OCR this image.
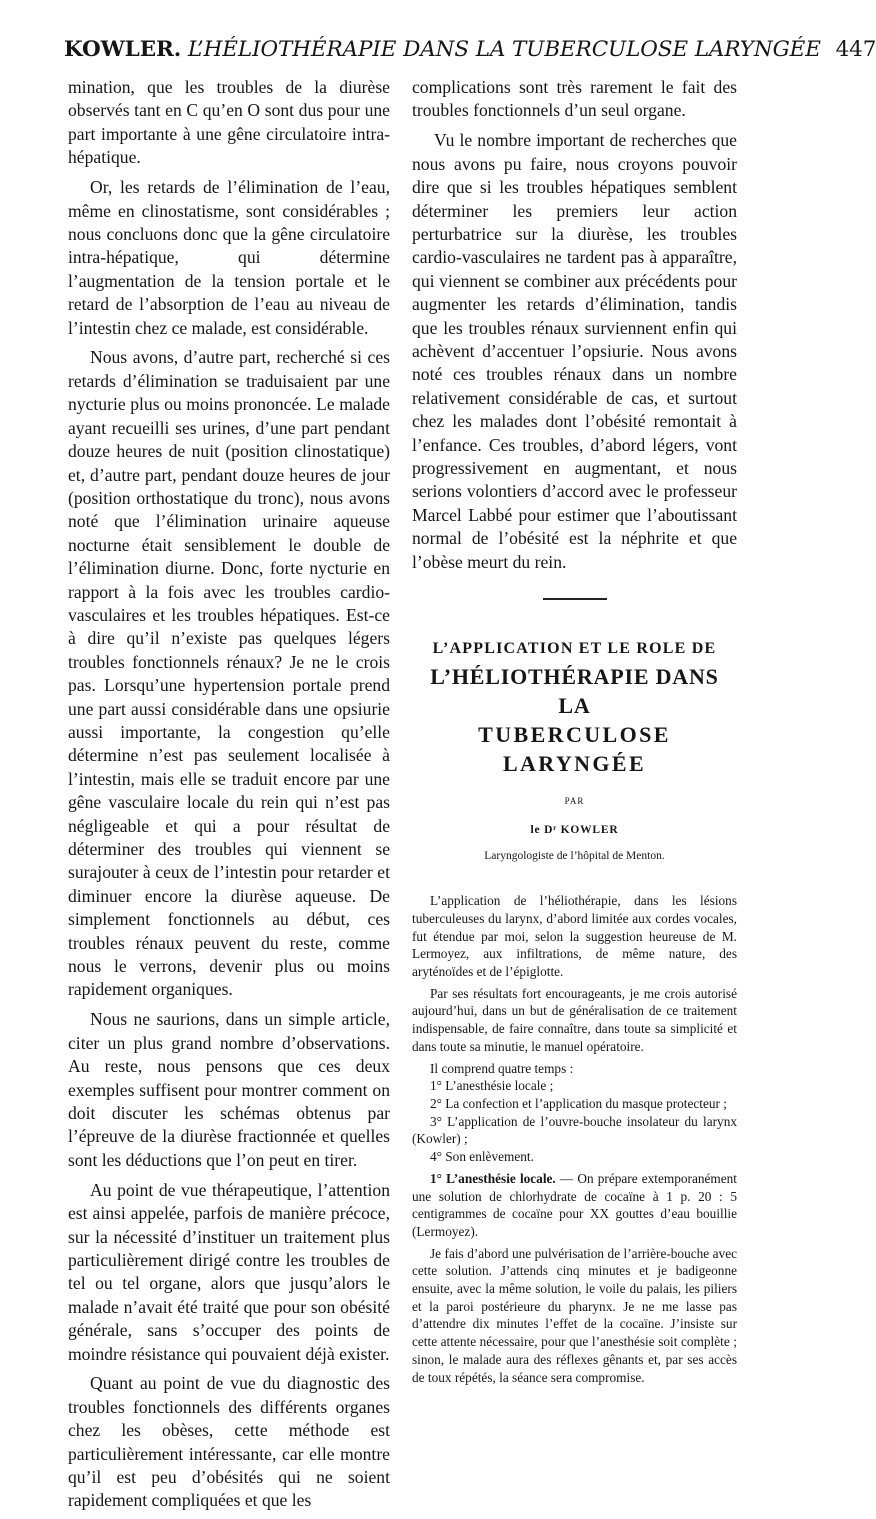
KOWLER. L’HÉLIOTHÉRAPIE DANS LA TUBERCULOSE LARYNGÉE 447

mination, que les troubles de la diurèse observés tant en C qu’en O sont dus pour une part importante à une gêne circulatoire intra-hépatique.

Or, les retards de l’élimination de l’eau, même en clinostatisme, sont considérables ; nous concluons donc que la gêne circulatoire intra-hépatique, qui détermine l’augmentation de la tension portale et le retard de l’absorption de l’eau au niveau de l’intestin chez ce malade, est considérable.

Nous avons, d’autre part, recherché si ces retards d’élimination se traduisaient par une nycturie plus ou moins prononcée. Le malade ayant recueilli ses urines, d’une part pendant douze heures de nuit (position clinostatique) et, d’autre part, pendant douze heures de jour (position orthostatique du tronc), nous avons noté que l’élimination urinaire aqueuse nocturne était sensiblement le double de l’élimination diurne. Donc, forte nycturie en rapport à la fois avec les troubles cardio-vasculaires et les troubles hépatiques. Est-ce à dire qu’il n’existe pas quelques légers troubles fonctionnels rénaux? Je ne le crois pas. Lorsqu’une hypertension portale prend une part aussi considérable dans une opsiurie aussi importante, la congestion qu’elle détermine n’est pas seulement localisée à l’intestin, mais elle se traduit encore par une gêne vasculaire locale du rein qui n’est pas négligeable et qui a pour résultat de déterminer des troubles qui viennent se surajouter à ceux de l’intestin pour retarder et diminuer encore la diurèse aqueuse. De simplement fonctionnels au début, ces troubles rénaux peuvent du reste, comme nous le verrons, devenir plus ou moins rapidement organiques.

Nous ne saurions, dans un simple article, citer un plus grand nombre d’observations. Au reste, nous pensons que ces deux exemples suffisent pour montrer comment on doit discuter les schémas obtenus par l’épreuve de la diurèse fractionnée et quelles sont les déductions que l’on peut en tirer.

Au point de vue thérapeutique, l’attention est ainsi appelée, parfois de manière précoce, sur la nécessité d’instituer un traitement plus particulièrement dirigé contre les troubles de tel ou tel organe, alors que jusqu’alors le malade n’avait été traité que pour son obésité générale, sans s’occuper des points de moindre résistance qui pouvaient déjà exister.

Quant au point de vue du diagnostic des troubles fonctionnels des différents organes chez les obèses, cette méthode est particulièrement intéressante, car elle montre qu’il est peu d’obésités qui ne soient rapidement compliquées et que les

complications sont très rarement le fait des troubles fonctionnels d’un seul organe.

Vu le nombre important de recherches que nous avons pu faire, nous croyons pouvoir dire que si les troubles hépatiques semblent déterminer les premiers leur action perturbatrice sur la diurèse, les troubles cardio-vasculaires ne tardent pas à apparaître, qui viennent se combiner aux précédents pour augmenter les retards d’élimination, tandis que les troubles rénaux surviennent enfin qui achèvent d’accentuer l’opsiurie. Nous avons noté ces troubles rénaux dans un nombre relativement considérable de cas, et surtout chez les malades dont l’obésité remontait à l’enfance. Ces troubles, d’abord légers, vont progressivement en augmentant, et nous serions volontiers d’accord avec le professeur Marcel Labbé pour estimer que l’aboutissant normal de l’obésité est la néphrite et que l’obèse meurt du rein.

L’APPLICATION ET LE ROLE DE
L’HÉLIOTHÉRAPIE DANS LA
TUBERCULOSE LARYNGÉE
PAR
le Dʳ KOWLER
Laryngologiste de l’hôpital de Menton.

L’application de l’héliothérapie, dans les lésions tuberculeuses du larynx, d’abord limitée aux cordes vocales, fut étendue par moi, selon la suggestion heureuse de M. Lermoyez, aux infiltrations, de même nature, des aryténoïdes et de l’épiglotte.

Par ses résultats fort encourageants, je me crois autorisé aujourd’hui, dans un but de généralisation de ce traitement indispensable, de faire connaître, dans toute sa simplicité et dans toute sa minutie, le manuel opératoire.

Il comprend quatre temps :

1° L’anesthésie locale ;

2° La confection et l’application du masque protecteur ;

3° L’application de l’ouvre-bouche insolateur du larynx (Kowler) ;

4° Son enlèvement.

1° L’anesthésie locale. — On prépare extemporanément une solution de chlorhydrate de cocaïne à 1 p. 20 : 5 centigrammes de cocaïne pour XX gouttes d’eau bouillie (Lermoyez).

Je fais d’abord une pulvérisation de l’arrière-bouche avec cette solution. J’attends cinq minutes et je badigeonne ensuite, avec la même solution, le voile du palais, les piliers et la paroi postérieure du pharynx. Je ne me lasse pas d’attendre dix minutes l’effet de la cocaïne. J’insiste sur cette attente nécessaire, pour que l’anesthésie soit complète ; sinon, le malade aura des réflexes gênants et, par ses accès de toux répétés, la séance sera compromise.
